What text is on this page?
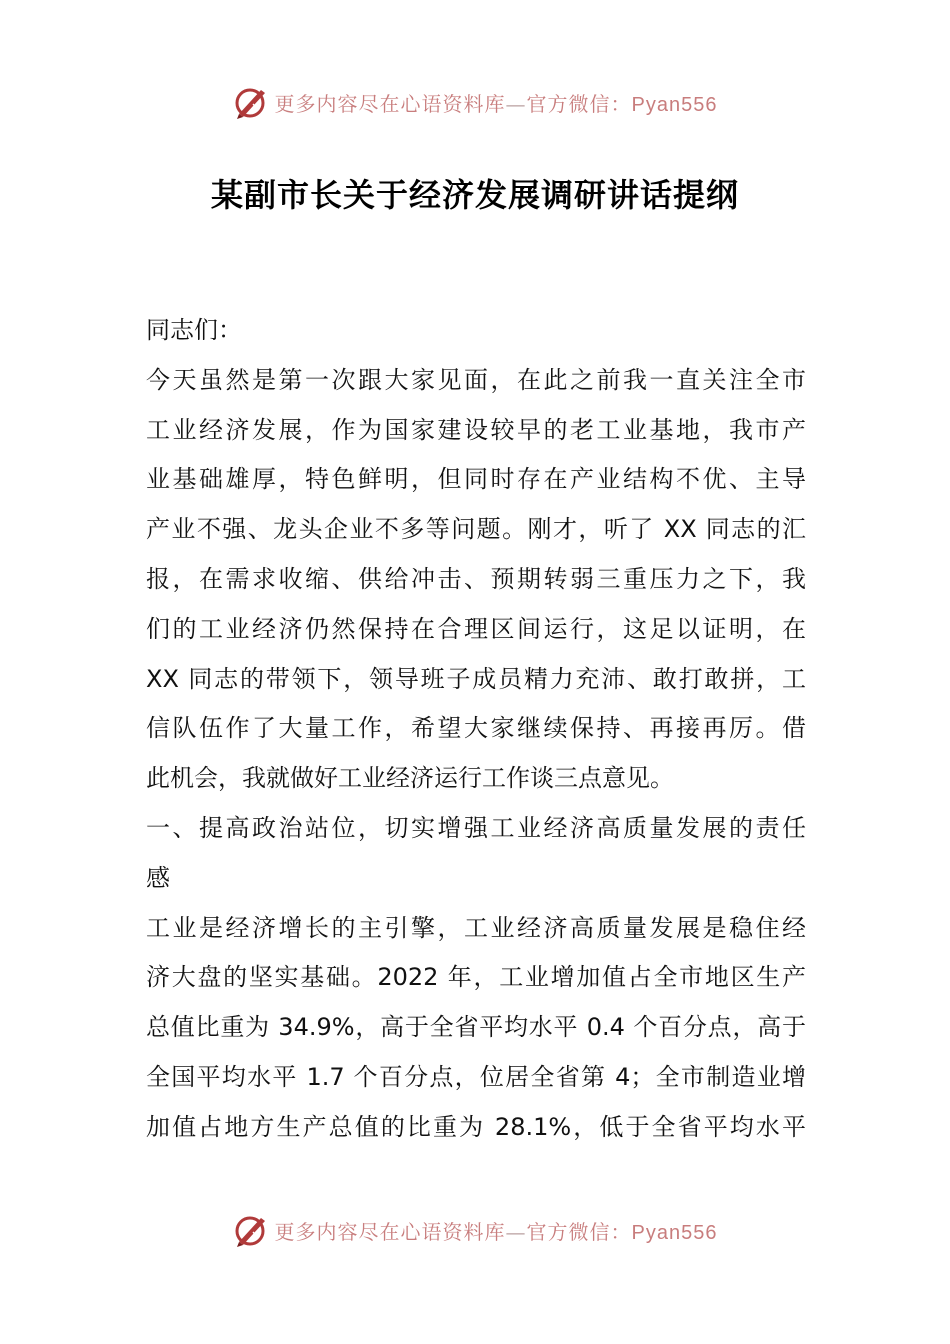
更多内容尽在心语资料库—官方微信：Pyan556
某副市长关于经济发展调研讲话提纲
同志们：
今天虽然是第一次跟大家见面，在此之前我一直关注全市
工业经济发展，作为国家建设较早的老工业基地，我市产
业基础雄厚，特色鲜明，但同时存在产业结构不优、主导
产业不强、龙头企业不多等问题。刚才，听了 XX 同志的汇
报，在需求收缩、供给冲击、预期转弱三重压力之下，我
们的工业经济仍然保持在合理区间运行，这足以证明，在
XX 同志的带领下，领导班子成员精力充沛、敢打敢拼，工
信队伍作了大量工作，希望大家继续保持、再接再厉。借
此机会，我就做好工业经济运行工作谈三点意见。
一、提高政治站位，切实增强工业经济高质量发展的责任
感
工业是经济增长的主引擎，工业经济高质量发展是稳住经
济大盘的坚实基础。2022 年，工业增加值占全市地区生产
总值比重为 34.9%，高于全省平均水平 0.4 个百分点，高于
全国平均水平 1.7 个百分点，位居全省第 4；全市制造业增
加值占地方生产总值的比重为 28.1%，低于全省平均水平
更多内容尽在心语资料库—官方微信：Pyan556
